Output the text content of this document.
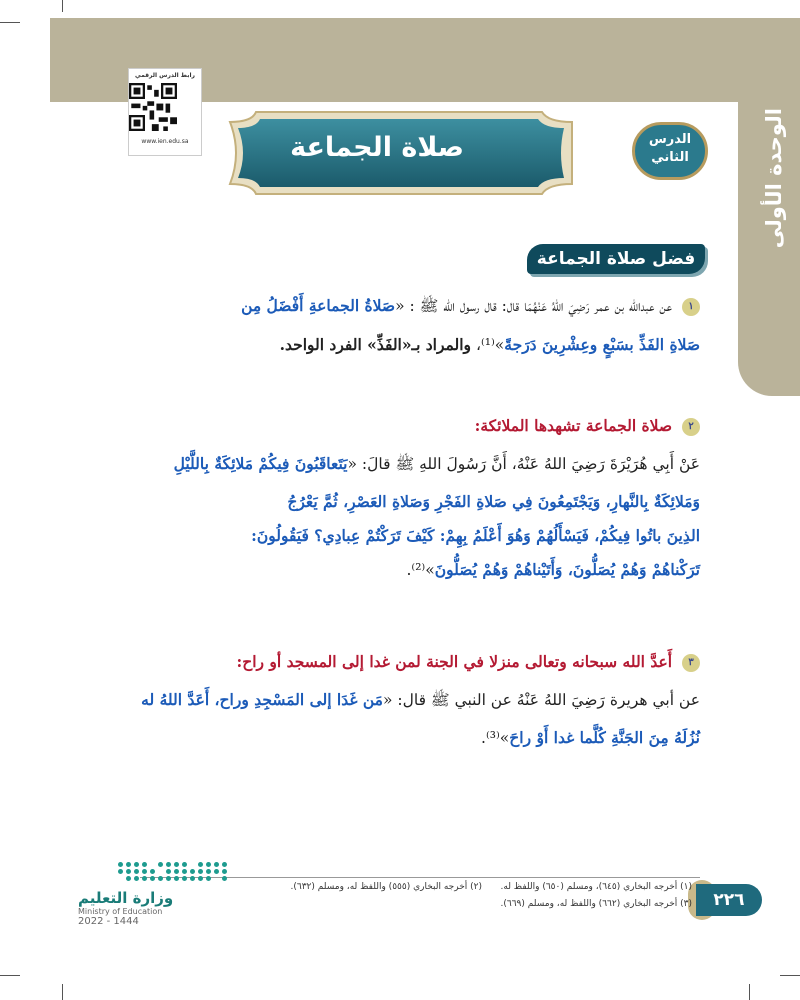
الوحدة الأولى
رابط الدرس الرقمي
www.ien.edu.sa	صلاة الجماعة	الدرس
الثاني
فضل صلاة الجماعة
١ عن عبدالله بن عمر رَضِيَ اللهُ عَنْهُمَا قال: قال رسول الله ﷺ : «صَلاةُ الجماعةِ أَفْضَلُ مِن
صَلاةِ الفَذِّ بسَبْعٍ وعِشْرِينَ دَرَجةً»⁽¹⁾، والمراد بـ«الفَذِّ» الفرد الواحد.
٢ صلاة الجماعة تشهدها الملائكة:
عَنْ أَبِي هُرَيْرَةَ رَضِيَ اللهُ عَنْهُ، أَنَّ رَسُولَ اللهِ ﷺ قالَ: «يَتَعاقَبُونَ فِيكُمْ مَلائِكَةٌ بِاللَّيْلِ
وَمَلائِكَةٌ بِالنَّهارِ، وَيَجْتَمِعُونَ فِي صَلاةِ الفَجْرِ وَصَلاةِ العَصْرِ، ثُمَّ يَعْرُجُ
الذِينَ باتُوا فِيكُمْ، فَيَسْأَلُهُمْ وَهُوَ أَعْلَمُ بِهِمْ: كَيْفَ تَرَكْتُمْ عِبادِي؟ فَيَقُولُونَ:
تَرَكْناهُمْ وَهُمْ يُصَلُّونَ، وَأَتَيْناهُمْ وَهُمْ يُصَلُّونَ»⁽²⁾.
٣ أَعدَّ الله سبحانه وتعالى منزلا في الجنة لمن غدا إلى المسجد أو راح:
عن أبي هريرة رَضِيَ اللهُ عَنْهُ عن النبي ﷺ قال: «مَن غَدَا إلى المَسْجِدِ وراح، أَعَدَّ اللهُ له
نُزُلَهُ مِنَ الجَنَّةِ كُلَّما غدا أَوْ راحَ»⁽³⁾.
٢٢٦
(١) أخرجه البخاري (٦٤٥)، ومسلم (٦٥٠) واللفظ له.
(٢) أخرجه البخاري (٥٥٥) واللفظ له، ومسلم (٦٣٢).
(٣) أخرجه البخاري (٦٦٢) واللفظ له، ومسلم (٦٦٩).
وزارة التعليم
Ministry of Education
2022 - 1444
